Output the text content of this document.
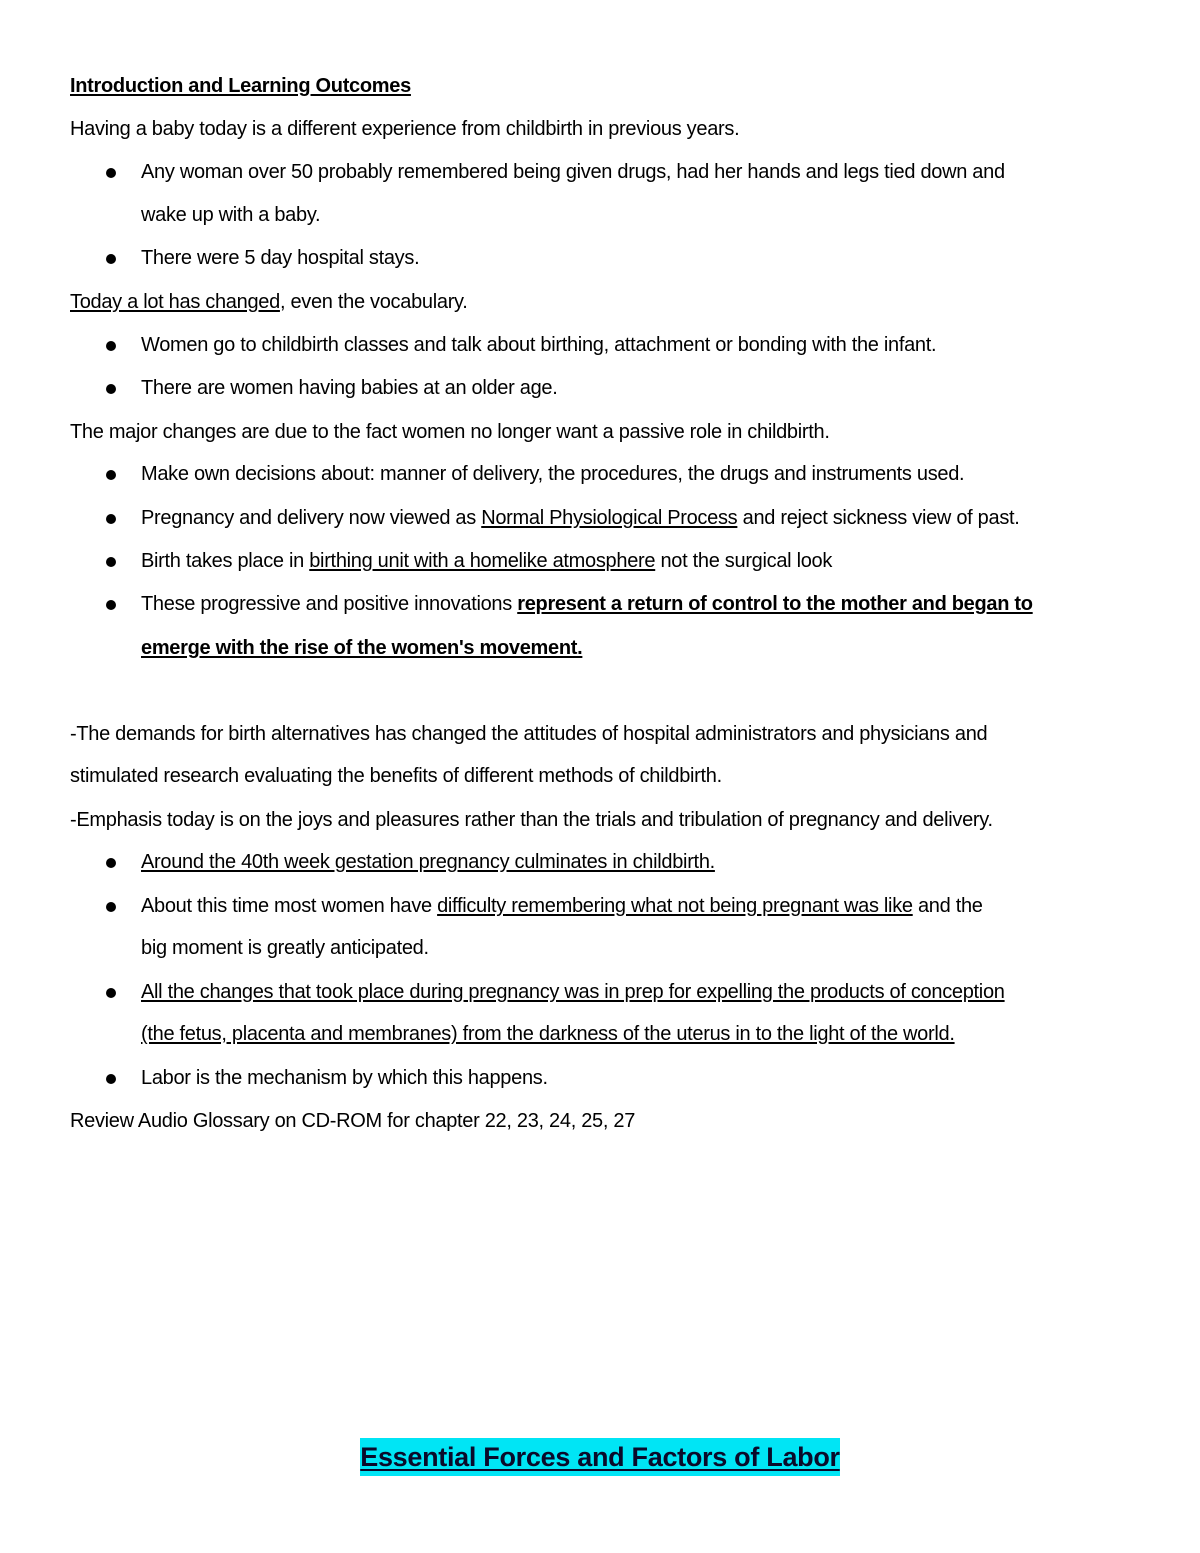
Introduction and Learning Outcomes
Having a baby today is a different experience from childbirth in previous years.
Any woman over 50 probably remembered being given drugs, had her hands and legs tied down and
wake up with a baby.
There were 5 day hospital stays.
Today a lot has changed, even the vocabulary.
Women go to childbirth classes and talk about birthing, attachment or bonding with the infant.
There are women having babies at an older age.
The major changes are due to the fact women no longer want a passive role in childbirth.
Make own decisions about: manner of delivery, the procedures, the drugs and instruments used.
Pregnancy and delivery now viewed as Normal Physiological Process and reject sickness view of past.
Birth takes place in birthing unit with a homelike atmosphere not the surgical look
These progressive and positive innovations represent a return of control to the mother and began to
emerge with the rise of the women's movement.
-The demands for birth alternatives has changed the attitudes of hospital administrators and physicians and
stimulated research evaluating the benefits of different methods of childbirth.
-Emphasis today is on the joys and pleasures rather than the trials and tribulation of pregnancy and delivery.
Around the 40th week gestation pregnancy culminates in childbirth.
About this time most women have difficulty remembering what not being pregnant was like and the
big moment is greatly anticipated.
All the changes that took place during pregnancy was in prep for expelling the products of conception
(the fetus, placenta and membranes) from the darkness of the uterus in to the light of the world.
Labor is the mechanism by which this happens.
Review Audio Glossary on CD-ROM for chapter 22, 23, 24, 25, 27
Essential Forces and Factors of Labor
